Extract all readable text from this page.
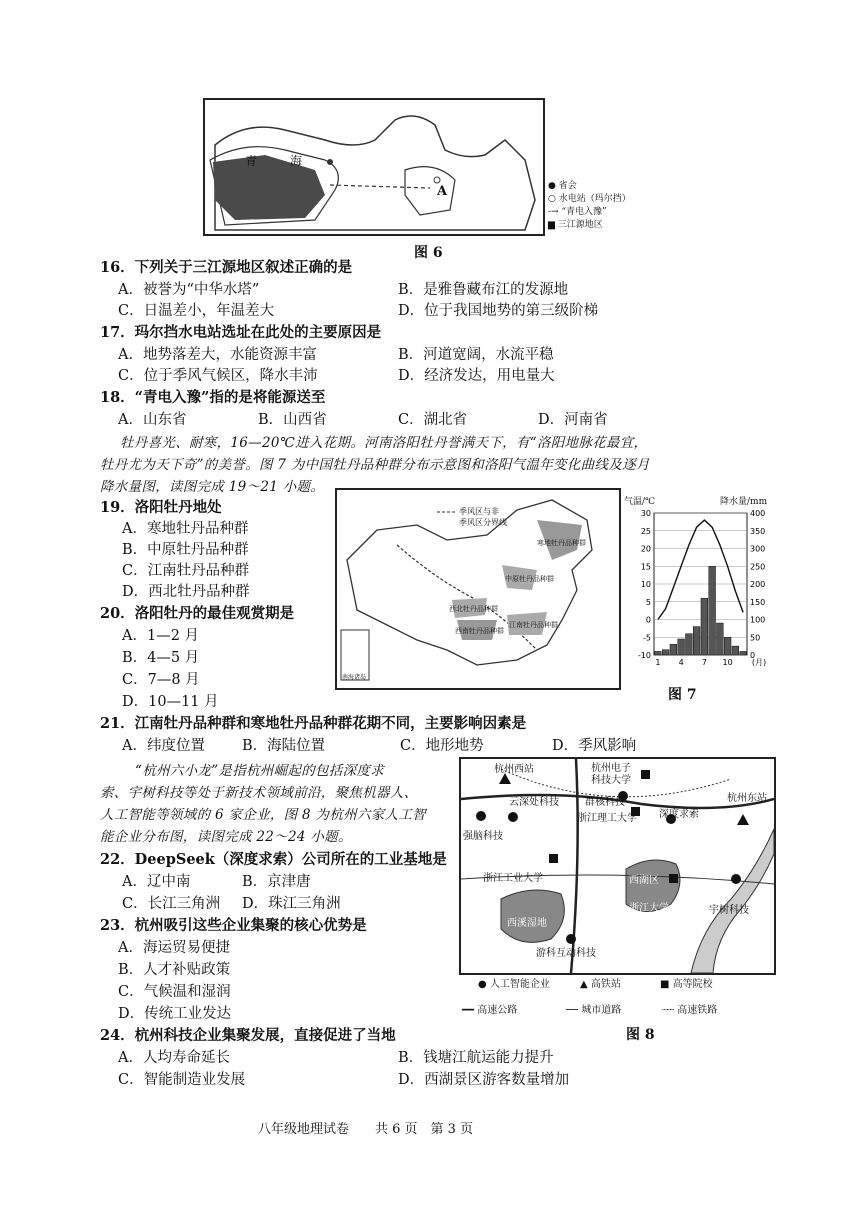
青	海
A	● 省会
○ 水电站（玛尔挡）
-→ “青电入豫”
▆ 三江源地区
图 6
16．下列关于三江源地区叙述正确的是
A．被誉为“中华水塔”	B．是雅鲁藏布江的发源地
C．日温差小，年温差大	D．位于我国地势的第三级阶梯
17．玛尔挡水电站选址在此处的主要原因是
A．地势落差大，水能资源丰富	B．河道宽阔，水流平稳
C．位于季风气候区，降水丰沛	D．经济发达，用电量大
18．“青电入豫”指的是将能源送至
A．山东省	B．山西省	C．湖北省	D．河南省
牡丹喜光、耐寒，16—20℃进入花期。河南洛阳牡丹誉满天下，有“洛阳地脉花最宜，
牡丹尤为天下奇”的美誉。图 7 为中国牡丹品种群分布示意图和洛阳气温年变化曲线及逐月
降水量图，读图完成 19～21 小题。
19．洛阳牡丹地处
A．寒地牡丹品种群
B．中原牡丹品种群
C．江南牡丹品种群
D．西北牡丹品种群
20．洛阳牡丹的最佳观赏期是
A．1—2 月
B．4—5 月
C．7—8 月
D．10—11 月
季风区与非
季风区分界线
寒地牡丹品种群
中原牡丹品种群
西北牡丹品种群
西南牡丹品种群
江南牡丹品种群
南海诸岛
30	400
25	350
20	300
15	250
10	200
5	150
0	100
-5	50
-10	0
1 4 7 10 (月)
气温/℃	降水量/mm
图 7
21．江南牡丹品种群和寒地牡丹品种群花期不同，主要影响因素是
A．纬度位置	B．海陆位置	C．地形地势	D．季风影响
“杭州六小龙”是指杭州崛起的包括深度求
索、宇树科技等处于新技术领域前沿，聚焦机器人、
人工智能等领域的 6 家企业，图 8 为杭州六家人工智
能企业分布图，读图完成 22～24 小题。
22．DeepSeek（深度求索）公司所在的工业基地是
A．辽中南	B．京津唐
C．长江三角洲 D．珠江三角洲
23．杭州吸引这些企业集聚的核心优势是
A．海运贸易便捷
B．人才补贴政策
C．气候温和湿润
D．传统工业发达
24．杭州科技企业集聚发展，直接促进了当地
A．人均寿命延长	B．钱塘江航运能力提升
C．智能制造业发展	D．西湖景区游客数量增加
杭州西站	杭州电子
科技大学
云深处科技	群核科技
浙江理工大学
杭州东站
深度求索
强脑科技
浙江工业大学	西湖区
浙江大学
西溪湿地
游科互动科技
宇树科技
● 人工智能企业	▲ 高铁站	■ 高等院校
━━ 高速公路	── 城市道路	┈┈ 高速铁路
图 8
八年级地理试卷　　共 6 页　第 3 页
